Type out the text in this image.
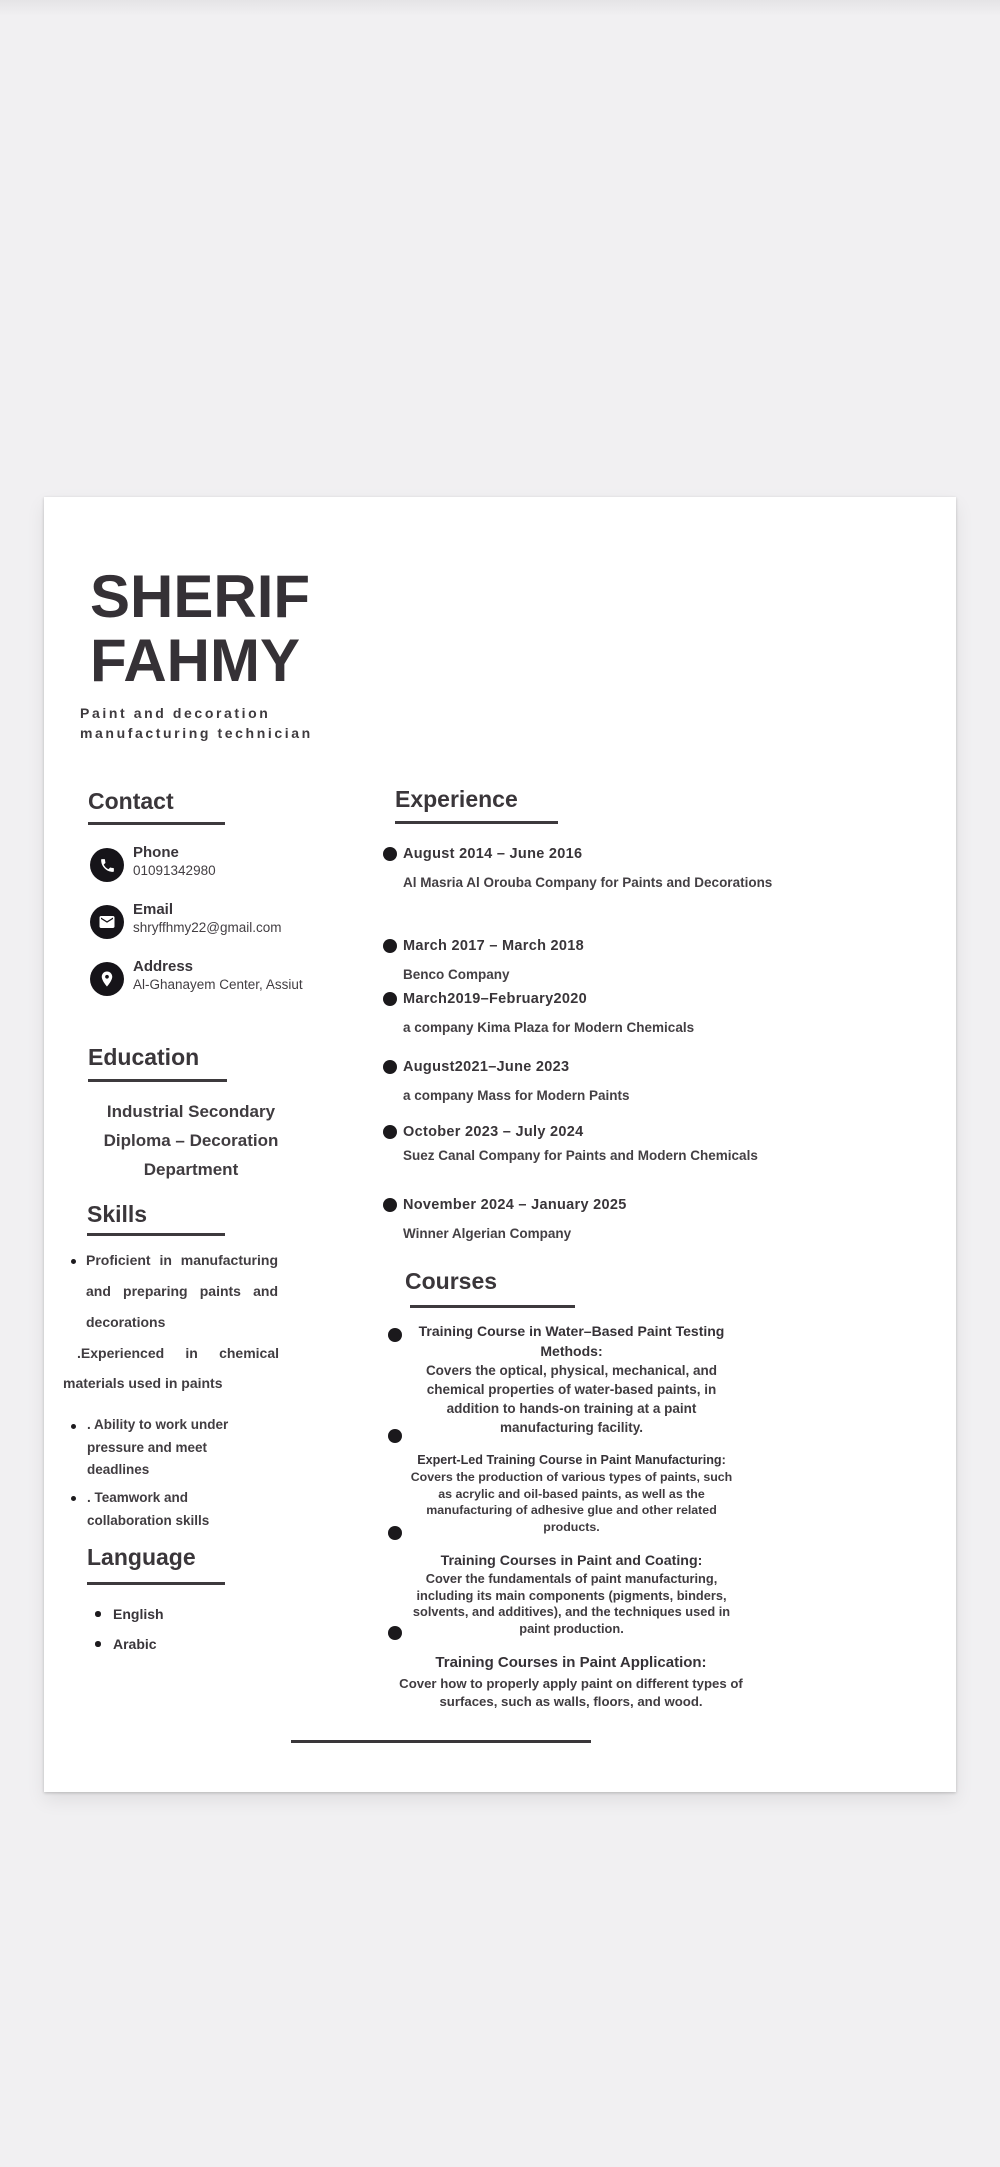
SHERIF
FAHMY
Paint and decoration
manufacturing technician
Contact
Phone
01091342980
Email
shryffhmy22@gmail.com
Address
Al-Ghanayem Center, Assiut
Education
Industrial Secondary
Diploma – Decoration
Department
Skills
Proficient in manufacturing and preparing paints and decorations
.Experienced in chemical materials used in paints
. Ability to work under pressure and meet deadlines
. Teamwork and collaboration skills
Language
English
Arabic
Experience
August 2014 – June 2016
Al Masria Al Orouba Company for Paints and Decorations
March 2017 – March 2018
Benco Company
March2019–February2020
a company Kima Plaza for Modern Chemicals
August2021–June 2023
a company Mass for Modern Paints
October 2023 – July 2024
Suez Canal Company for Paints and Modern Chemicals
November 2024 – January 2025
Winner Algerian Company
Courses
Training Course in Water–Based Paint Testing Methods:
Covers the optical, physical, mechanical, and chemical properties of water-based paints, in addition to hands-on training at a paint manufacturing facility.
Expert-Led Training Course in Paint Manufacturing:
Covers the production of various types of paints, such as acrylic and oil-based paints, as well as the manufacturing of adhesive glue and other related products.
Training Courses in Paint and Coating:
Cover the fundamentals of paint manufacturing, including its main components (pigments, binders, solvents, and additives), and the techniques used in paint production.
Training Courses in Paint Application:
Cover how to properly apply paint on different types of surfaces, such as walls, floors, and wood.
